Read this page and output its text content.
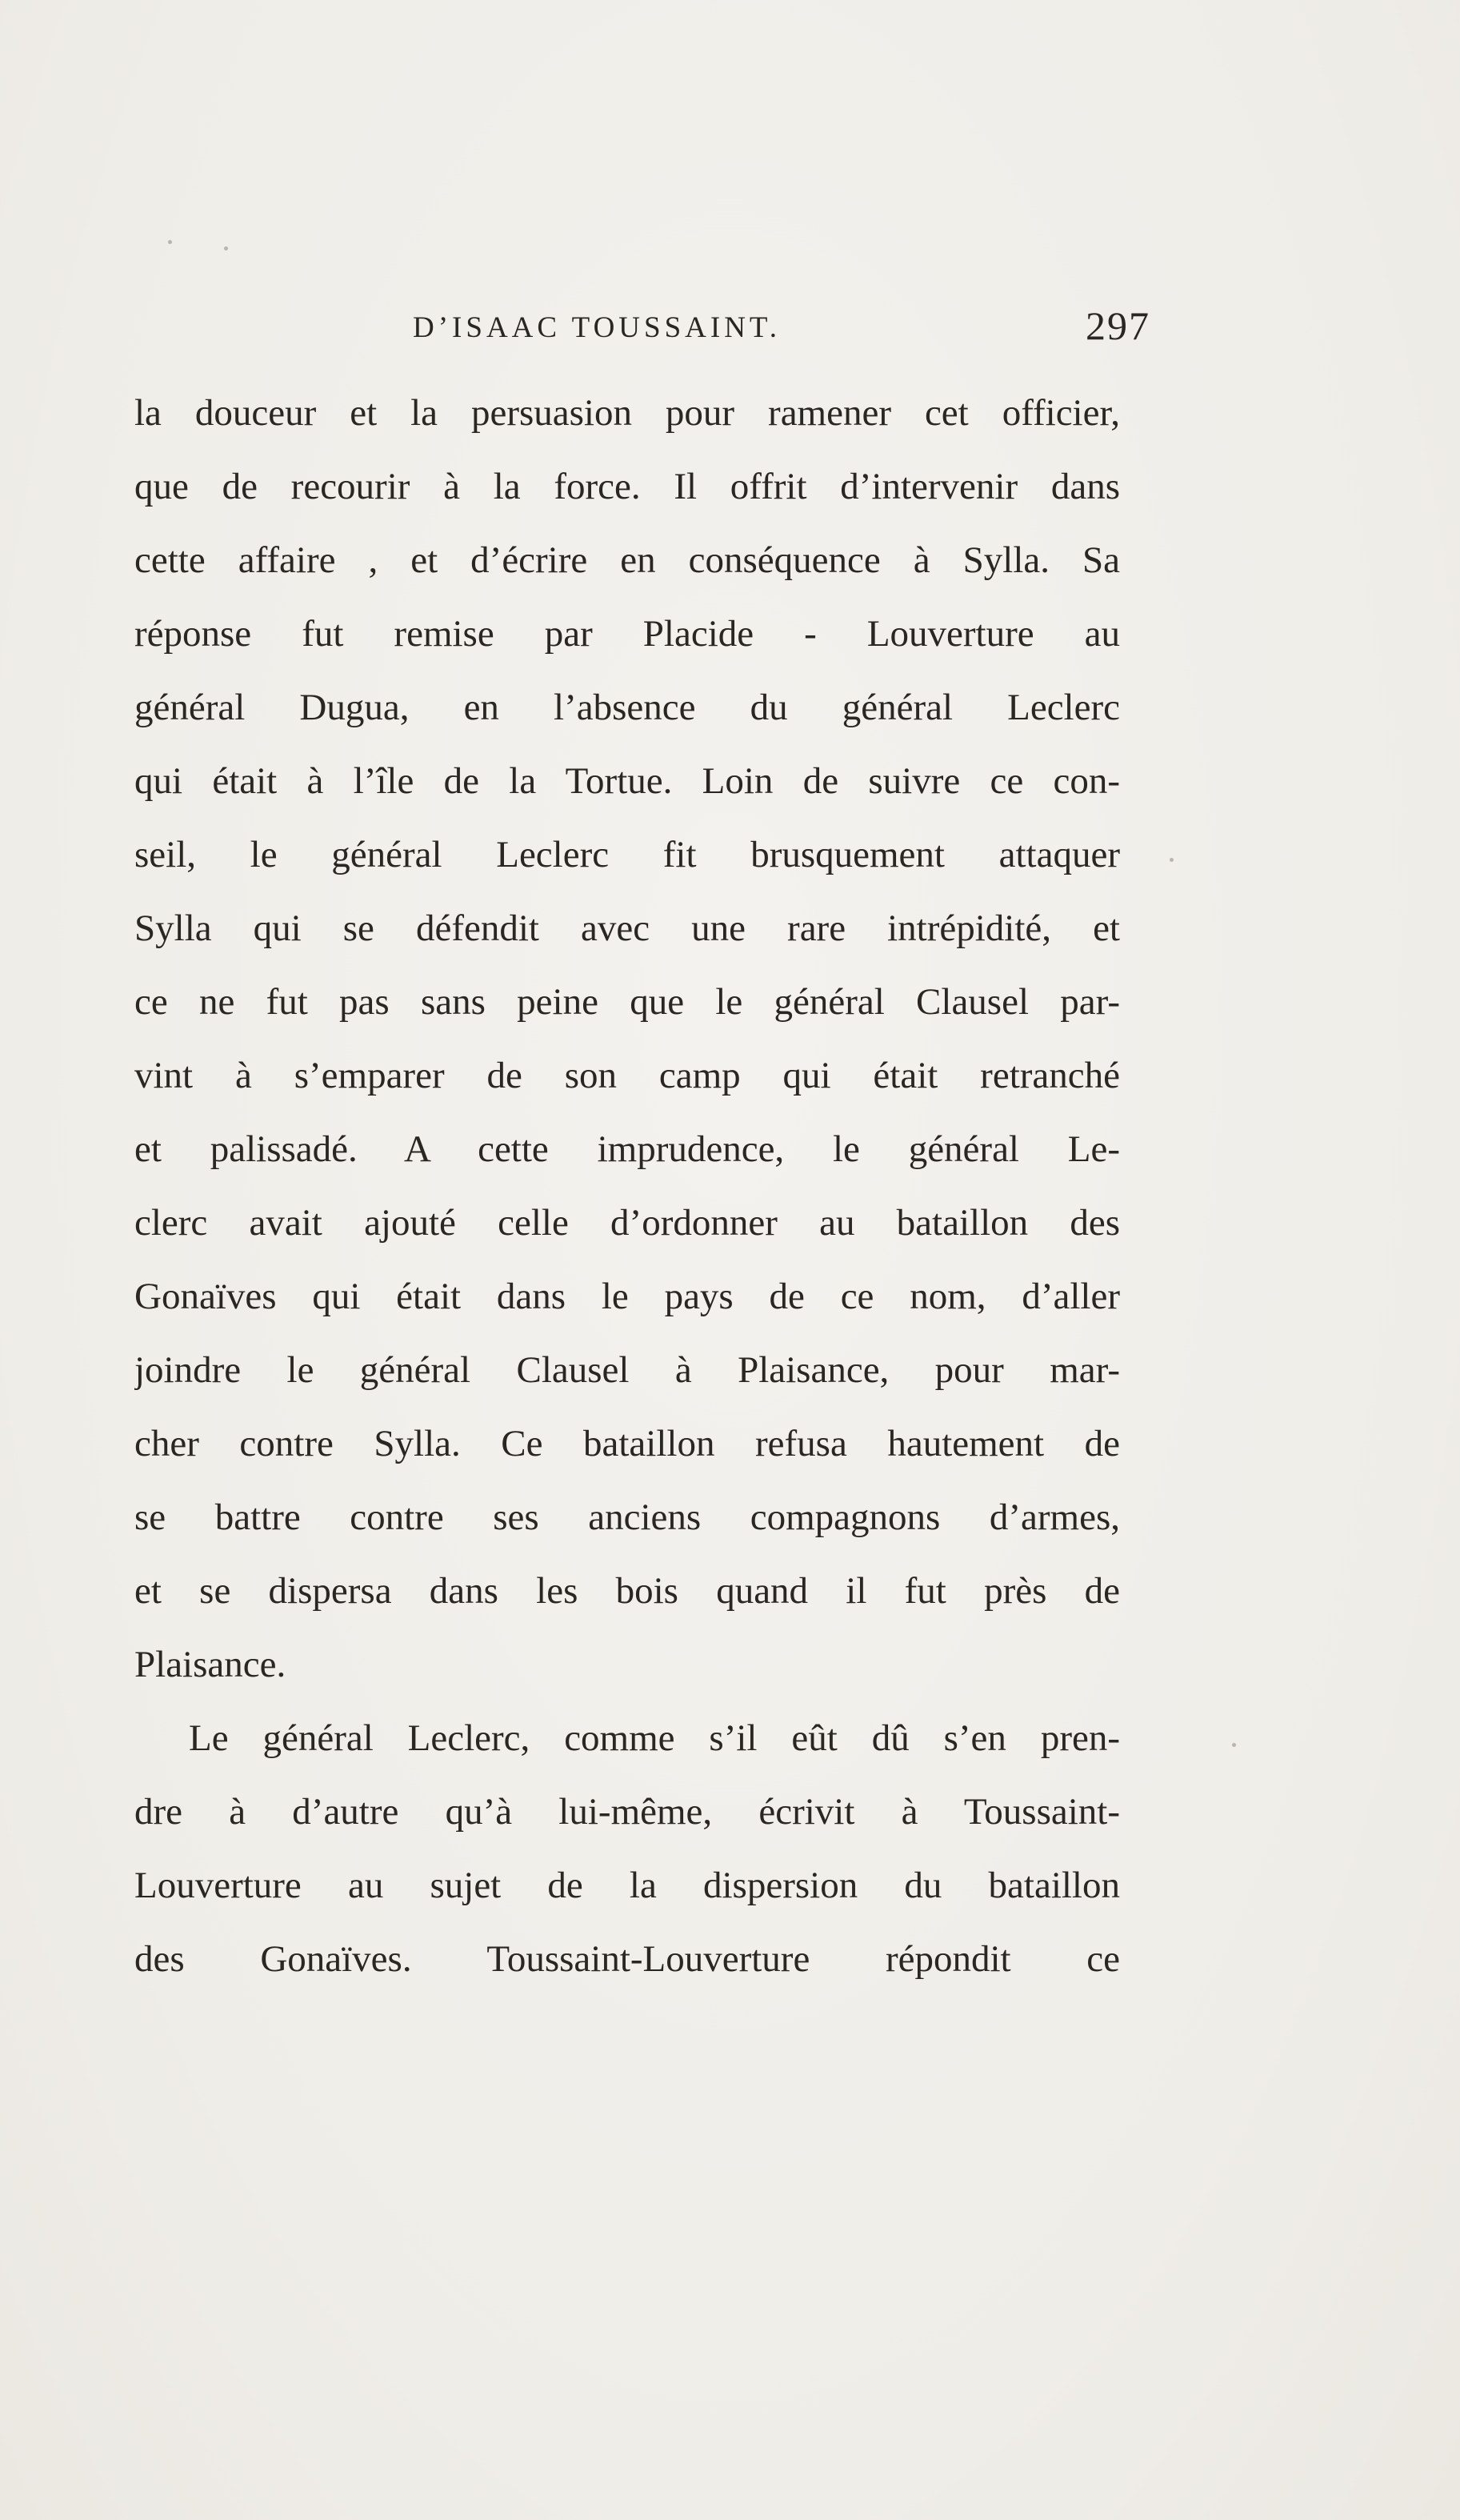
D’ISAAC TOUSSAINT.	297
la douceur et la persuasion pour ramener cet officier,
que de recourir à la force. Il offrit d’intervenir dans
cette affaire , et d’écrire en conséquence à Sylla. Sa
réponse fut remise par Placide - Louverture au
général Dugua, en l’absence du général Leclerc
qui était à l’île de la Tortue. Loin de suivre ce con-
seil, le général Leclerc fit brusquement attaquer
Sylla qui se défendit avec une rare intrépidité, et
ce ne fut pas sans peine que le général Clausel par-
vint à s’emparer de son camp qui était retranché
et palissadé. A cette imprudence, le général Le-
clerc avait ajouté celle d’ordonner au bataillon des
Gonaïves qui était dans le pays de ce nom, d’aller
joindre le général Clausel à Plaisance, pour mar-
cher contre Sylla. Ce bataillon refusa hautement de
se battre contre ses anciens compagnons d’armes,
et se dispersa dans les bois quand il fut près de
Plaisance.
Le général Leclerc, comme s’il eût dû s’en pren-
dre à d’autre qu’à lui-même, écrivit à Toussaint-
Louverture au sujet de la dispersion du bataillon
des Gonaïves. Toussaint-Louverture répondit ce
